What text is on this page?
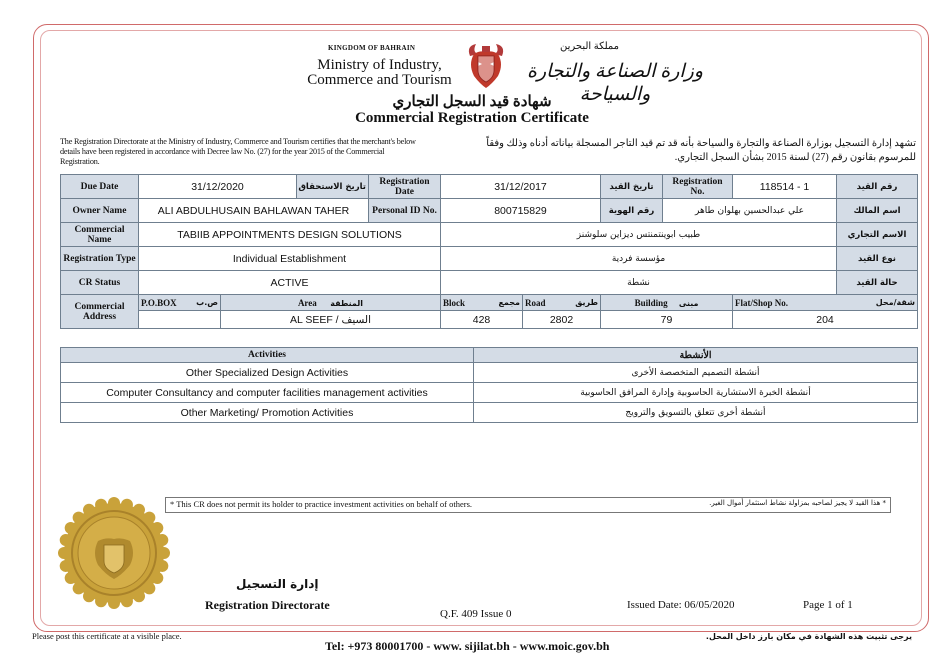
KINGDOM OF BAHRAIN	مملكة البحرين
Ministry of Industry,
Commerce and Tourism	وزارة الصناعة والتجارة والسياحة
شهادة قيد السجل التجاري
Commercial Registration Certificate
The Registration Directorate at the Ministry of Industry, Commerce and Tourism certifies that the merchant's below details have been registered in accordance with Decree law No. (27) for the year 2015 of the Commercial Registration.
تشهد إدارة التسجيل بوزارة الصناعة والتجارة والسياحة بأنه قد تم قيد التاجر المسجلة بياناته أدناه وذلك وفقاً للمرسوم بقانون رقم (27) لسنة 2015 بشأن السجل التجاري.
Due Date	31/12/2020		تاريخ الاستحقاق	Registration Date	31/12/2017		تاريخ القيد	Registration No.	118514 - 1	رقم القيد	
Owner Name	ALI ABDULHUSAIN BAHLAWAN TAHER			Personal ID No.	800715829		رقم الهوية	علي عبدالحسين بهلوان طاهر		اسم المالك	
Commercial Name	TABIIB APPOINTMENTS DESIGN SOLUTIONS				طبيب ابوينتمنتس ديزاين سلوشنز					الاسم التجاري	
Registration Type	Individual Establishment				مؤسسة فردية					نوع القيد	
CR Status	ACTIVE				نشطة					حالة القيد	
Commercial Address	P.O.BOX ص.ب	Area المنطقة			Block مجمع	Road طريق	Building مبنى		Flat/Shop No. شقة/محل

		AL SEEF / السيف			428	2802	79		204		
Activities	الأنشطة
Other Specialized Design Activities	أنشطة التصميم المتخصصة الأخرى
Computer Consultancy and computer facilities management activities	أنشطة الخبرة الاستشارية الحاسوبية وإدارة المرافق الحاسوبية
Other Marketing/ Promotion Activities	أنشطة أخرى تتعلق بالتسويق والترويج
* This CR does not permit its holder to practice investment activities on behalf of others.	* هذا القيد لا يجيز لصاحبه بمزاولة نشاط استثمار أموال الغير.
إدارة التسجيل
Registration Directorate
Q.F. 409 Issue 0
Issued Date: 06/05/2020	Page 1 of 1
Please post this certificate at a visible place.	يرجى تثبيت هذه الشهادة في مكان بارز داخل المحل.
Tel: +973 80001700 - www. sijilat.bh - www.moic.gov.bh
